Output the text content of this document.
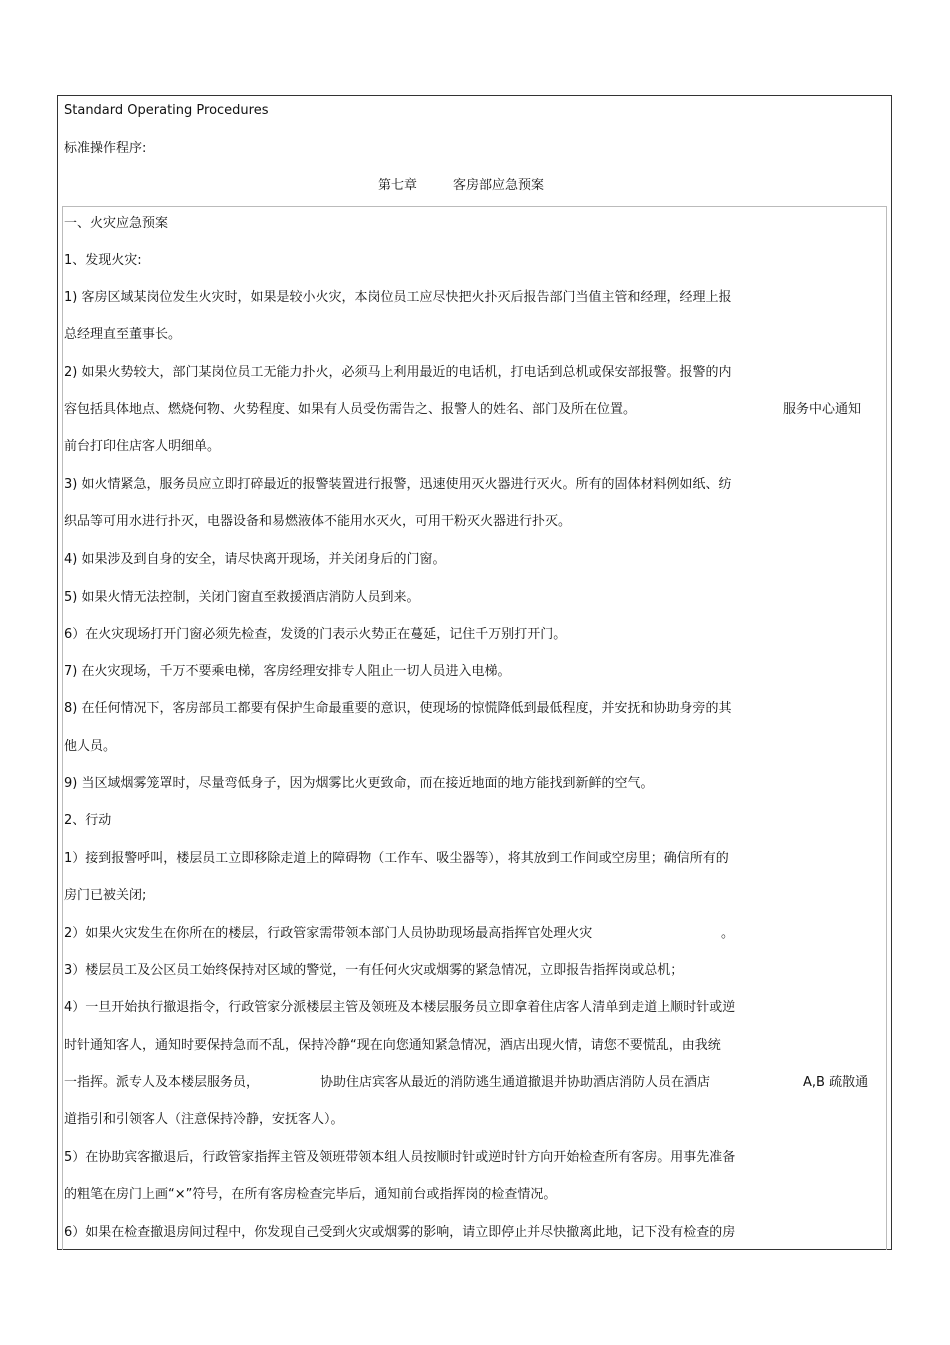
Standard Operating Procedures
标准操作程序:
第七章	客房部应急预案
一、火灾应急预案
1、发现火灾:
1) 客房区域某岗位发生火灾时，如果是较小火灾，本岗位员工应尽快把火扑灭后报告部门当值主管和经理，经理上报
总经理直至董事长。
2) 如果火势较大，部门某岗位员工无能力扑火，必须马上利用最近的电话机，打电话到总机或保安部报警。报警的内
容包括具体地点、燃烧何物、火势程度、如果有人员受伤需告之、报警人的姓名、部门及所在位置。	服务中心通知
前台打印住店客人明细单。
3) 如火情紧急，服务员应立即打碎最近的报警装置进行报警，迅速使用灭火器进行灭火。所有的固体材料例如纸、纺
织品等可用水进行扑灭，电器设备和易燃液体不能用水灭火，可用干粉灭火器进行扑灭。
4) 如果涉及到自身的安全，请尽快离开现场，并关闭身后的门窗。
5) 如果火情无法控制，关闭门窗直至救援酒店消防人员到来。
6）在火灾现场打开门窗必须先检查，发烫的门表示火势正在蔓延，记住千万别打开门。
7) 在火灾现场，千万不要乘电梯，客房经理安排专人阻止一切人员进入电梯。
8) 在任何情况下，客房部员工都要有保护生命最重要的意识，使现场的惊慌降低到最低程度，并安抚和协助身旁的其
他人员。
9) 当区域烟雾笼罩时，尽量弯低身子，因为烟雾比火更致命，而在接近地面的地方能找到新鲜的空气。
2、行动
1）接到报警呼叫，楼层员工立即移除走道上的障碍物（工作车、吸尘器等），将其放到工作间或空房里；确信所有的
房门已被关闭;
2）如果火灾发生在你所在的楼层，行政管家需带领本部门人员协助现场最高指挥官处理火灾	。
3）楼层员工及公区员工始终保持对区域的警觉，一有任何火灾或烟雾的紧急情况，立即报告指挥岗或总机；
4）一旦开始执行撤退指令，行政管家分派楼层主管及领班及本楼层服务员立即拿着住店客人清单到走道上顺时针或逆
时针通知客人，通知时要保持急而不乱，保持冷静“现在向您通知紧急情况，酒店出现火情，请您不要慌乱，由我统
一指挥。派专人及本楼层服务员，	协助住店宾客从最近的消防逃生通道撤退并协助酒店消防人员在酒店	A,B 疏散通
道指引和引领客人（注意保持冷静，安抚客人）。
5）在协助宾客撤退后，行政管家指挥主管及领班带领本组人员按顺时针或逆时针方向开始检查所有客房。用事先准备
的粗笔在房门上画“×”符号，在所有客房检查完毕后，通知前台或指挥岗的检查情况。
6）如果在检查撤退房间过程中，你发现自己受到火灾或烟雾的影响，请立即停止并尽快撤离此地，记下没有检查的房
